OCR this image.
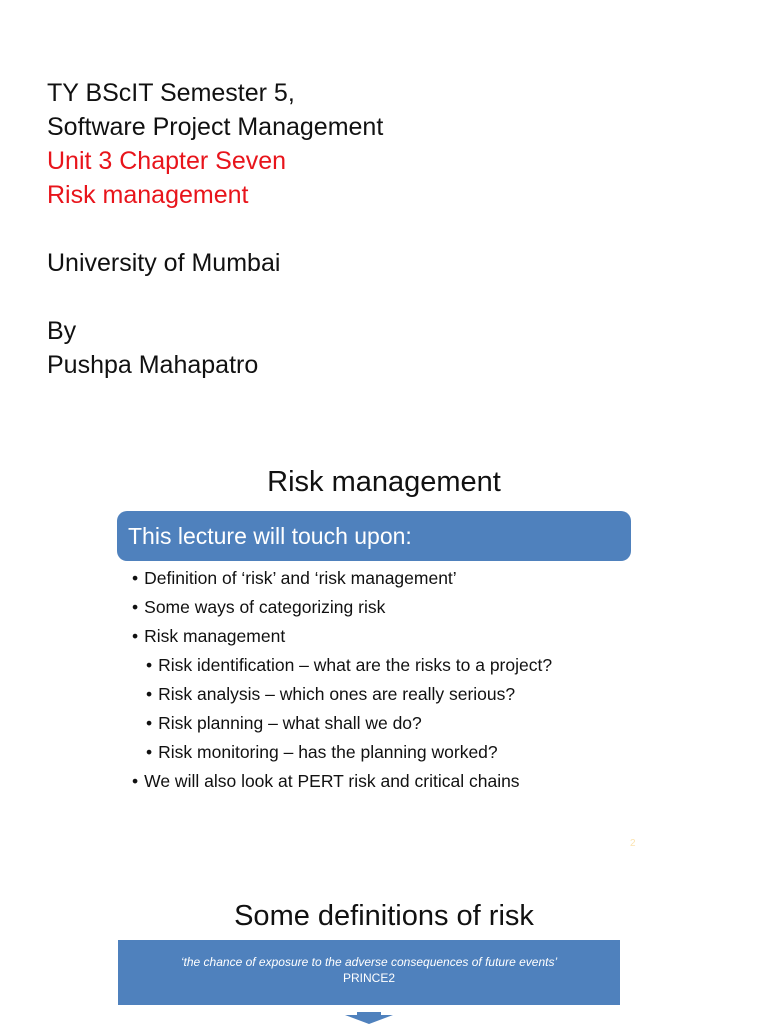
TY BScIT Semester 5,
Software Project Management
Unit 3 Chapter Seven
Risk management
University of Mumbai
By
Pushpa Mahapatro
Risk management
This lecture will touch upon:
• Definition of ‘risk’ and ‘risk management’
• Some ways of categorizing risk
• Risk management
• Risk identification – what are the risks to a project?
• Risk analysis – which ones are really serious?
• Risk planning – what shall we do?
• Risk monitoring – has the planning worked?
• We will also look at PERT risk and critical chains
2
Some definitions of risk
‘the chance of exposure to the adverse consequences of future events’
PRINCE2
